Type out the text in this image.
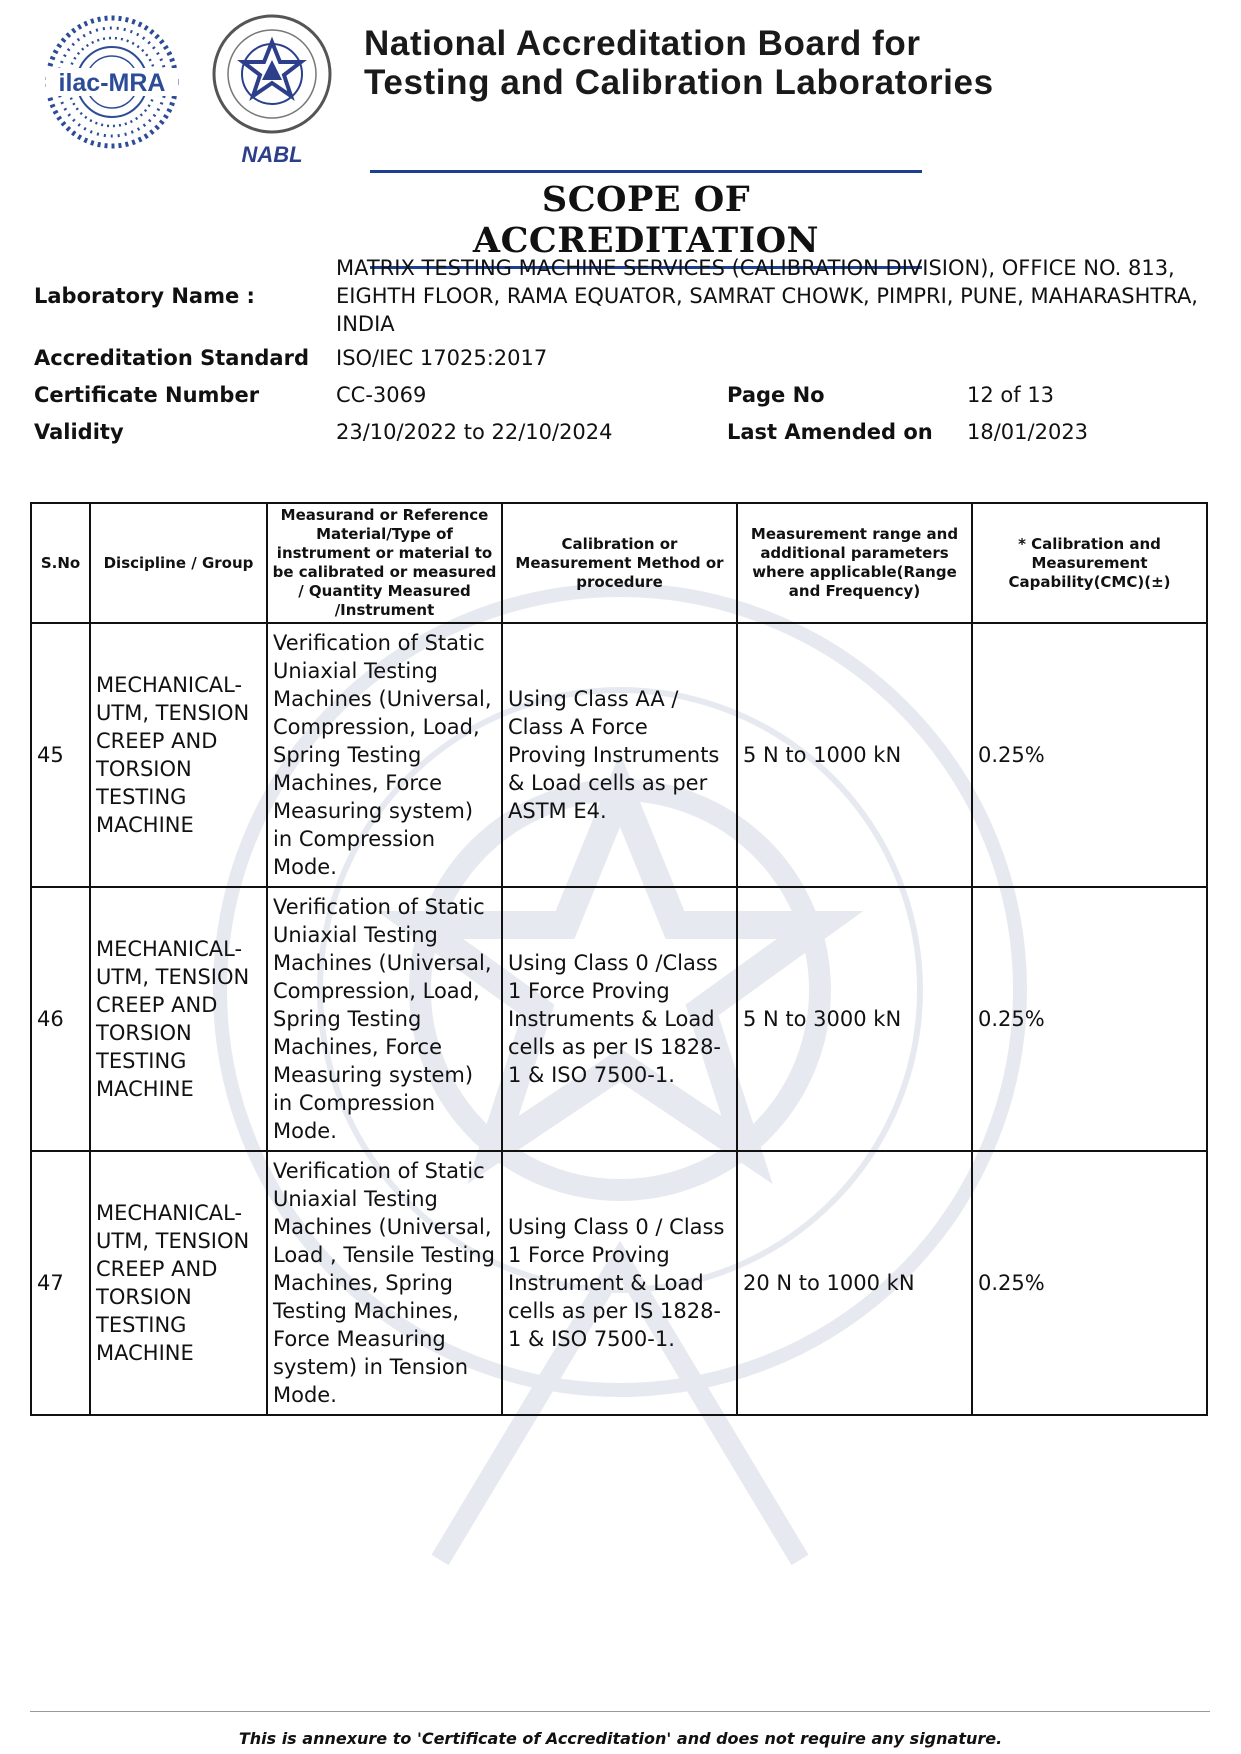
ilac-MRA
NABL
National Accreditation Board for
Testing and Calibration Laboratories
SCOPE OF ACCREDITATION
Laboratory Name :
MATRIX TESTING MACHINE SERVICES (CALIBRATION DIVISION), OFFICE NO. 813, EIGHTH FLOOR, RAMA EQUATOR, SAMRAT CHOWK, PIMPRI, PUNE, MAHARASHTRA, INDIA
Accreditation Standard ISO/IEC 17025:2017
Certificate Number	CC-3069	Page No	12 of 13
Validity	23/10/2022 to 22/10/2024	Last Amended on 18/01/2023
S.No	Discipline / Group	Measurand or Reference Material/Type of instrument or material to be calibrated or measured / Quantity Measured /Instrument	Calibration or Measurement Method or procedure	Measurement range and additional parameters where applicable(Range and Frequency)	* Calibration and Measurement Capability(CMC)(±)
45	MECHANICAL- UTM, TENSION CREEP AND TORSION TESTING MACHINE	Verification of Static Uniaxial Testing Machines (Universal, Compression, Load, Spring Testing Machines, Force Measuring system) in Compression Mode.	Using Class AA / Class A Force Proving Instruments & Load cells as per ASTM E4.	5 N to 1000 kN	0.25%
46	MECHANICAL- UTM, TENSION CREEP AND TORSION TESTING MACHINE	Verification of Static Uniaxial Testing Machines (Universal, Compression, Load, Spring Testing Machines, Force Measuring system) in Compression Mode.	Using Class 0 /Class 1 Force Proving Instruments & Load cells as per IS 1828-1 & ISO 7500-1.	5 N to 3000 kN	0.25%
47	MECHANICAL- UTM, TENSION CREEP AND TORSION TESTING MACHINE	Verification of Static Uniaxial Testing Machines (Universal, Load , Tensile Testing Machines, Spring Testing Machines, Force Measuring system) in Tension Mode.	Using Class 0 / Class 1 Force Proving Instrument & Load cells as per IS 1828-1 & ISO 7500-1.	20 N to 1000 kN	0.25%
This is annexure to 'Certificate of Accreditation' and does not require any signature.
